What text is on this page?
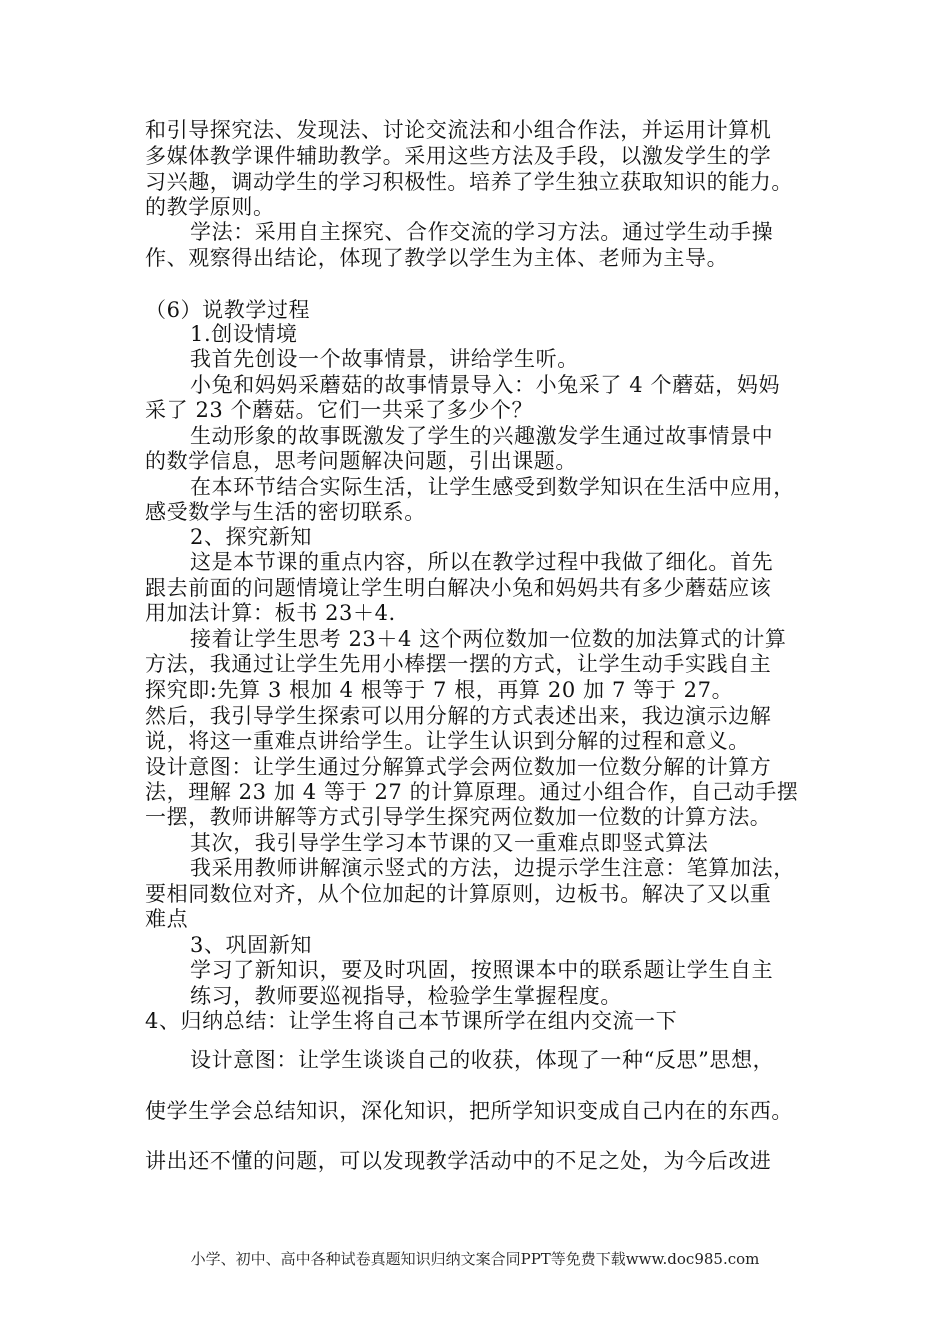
和引导探究法、发现法、讨论交流法和小组合作法，并运用计算机
多媒体教学课件辅助教学。采用这些方法及手段，以激发学生的学
习兴趣，调动学生的学习积极性。培养了学生独立获取知识的能力。
的教学原则。
学法：采用自主探究、合作交流的学习方法。通过学生动手操
作、观察得出结论，体现了教学以学生为主体、老师为主导。
（6）说教学过程
1.创设情境
我首先创设一个故事情景，讲给学生听。
小兔和妈妈采蘑菇的故事情景导入：小兔采了 4 个蘑菇，妈妈
采了 23 个蘑菇。它们一共采了多少个？
生动形象的故事既激发了学生的兴趣激发学生通过故事情景中
的数学信息，思考问题解决问题，引出课题。
在本环节结合实际生活，让学生感受到数学知识在生活中应用，
感受数学与生活的密切联系。
2、探究新知
这是本节课的重点内容，所以在教学过程中我做了细化。首先
跟去前面的问题情境让学生明白解决小兔和妈妈共有多少蘑菇应该
用加法计算：板书 23＋4.
接着让学生思考 23＋4 这个两位数加一位数的加法算式的计算
方法，我通过让学生先用小棒摆一摆的方式，让学生动手实践自主
探究即:先算 3 根加 4 根等于 7 根，再算 20 加 7 等于 27。
然后，我引导学生探索可以用分解的方式表述出来，我边演示边解
说，将这一重难点讲给学生。让学生认识到分解的过程和意义。
设计意图：让学生通过分解算式学会两位数加一位数分解的计算方
法，理解 23 加 4 等于 27 的计算原理。通过小组合作，自己动手摆
一摆，教师讲解等方式引导学生探究两位数加一位数的计算方法。
其次，我引导学生学习本节课的又一重难点即竖式算法
我采用教师讲解演示竖式的方法，边提示学生注意：笔算加法，
要相同数位对齐，从个位加起的计算原则，边板书。解决了又以重
难点
3、巩固新知
学习了新知识，要及时巩固，按照课本中的联系题让学生自主
练习，教师要巡视指导，检验学生掌握程度。
4、归纳总结：让学生将自己本节课所学在组内交流一下
设计意图：让学生谈谈自己的收获，体现了一种“反思”思想，
使学生学会总结知识，深化知识，把所学知识变成自己内在的东西。
讲出还不懂的问题，可以发现教学活动中的不足之处，为今后改进
小学、初中、高中各种试卷真题知识归纳文案合同PPT等免费下载www.doc985.com
